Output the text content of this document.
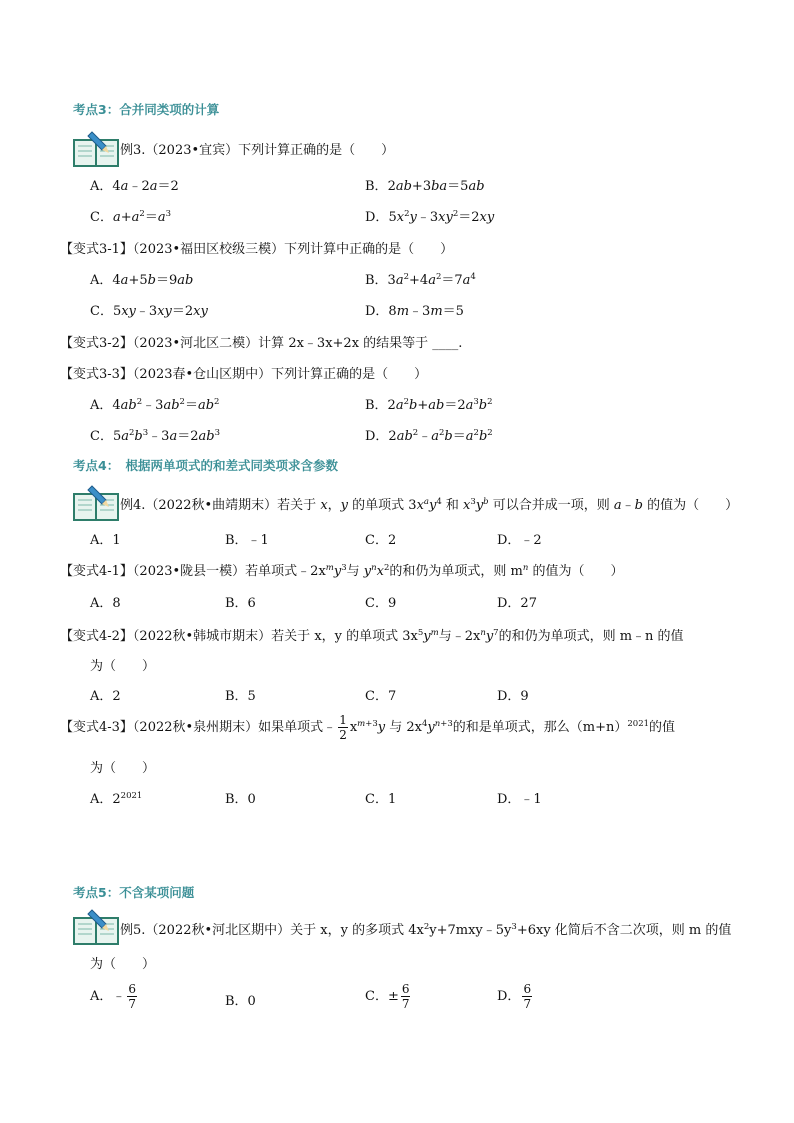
考点3：合并同类项的计算
例3.（2023•宜宾）下列计算正确的是（　　）
A．4a﹣2a＝2	B．2ab+3ba＝5ab
C．$a+a^2=a^3$	D．$5x^2y﹣3xy^2=2xy$
【变式3-1】（2023•福田区校级三模）下列计算中正确的是（　　）
A．4a+5b＝9ab	B．$3a^2+4a^2=7a^4$
C．5xy﹣3xy＝2xy	D．8m﹣3m＝5
【变式3-2】（2023•河北区二模）计算 2x﹣3x+2x 的结果等于 ____.
【变式3-3】（2023春•仓山区期中）下列计算正确的是（　　）
A．$4ab^2﹣3ab^2=ab^2$	B．$2a^2b+ab=2a^3b^2$
C．$5a^2b^3﹣3a=2ab^3$	D．$2ab^2﹣a^2b=a^2b^2$
考点4：　根据两单项式的和差式同类项求含参数
例4.（2022秋•曲靖期末）若关于 x，y 的单项式 $3x^ay^4$ 和 $x^3y^b$ 可以合并成一项，则 a﹣b 的值为（　　）
A．1	B．﹣1	C．2	D．﹣2
【变式4-1】（2023•陇县一模）若单项式$﹣2x^my^3$与 $y^nx^2$的和仍为单项式，则 $m^n$ 的值为（　　）
A．8	B．6	C．9	D．27
【变式4-2】（2022秋•韩城市期末）若关于 x，y 的单项式 $3x^5y^m$与$﹣2x^ny^7$的和仍为单项式，则 m﹣n 的值
为（　　）
A．2	B．5	C．7	D．9
【变式4-3】（2022秋•泉州期末）如果单项式﹣ $\frac{1}{2} x^{m+3}y$ 与 $2x^4y^{n+3}$的和是单项式，那么$(m+n)^{2021}$的值
为（　　）
A．$2^{2021}$	B．0	C．1	D．﹣1
考点5：不含某项问题
例5.（2022秋•河北区期中）关于 x，y 的多项式 $4x^2y+7mxy﹣5y^3+6xy$ 化简后不含二次项，则 m 的值
为（　　）
A．﹣ $\frac{6}{7}$	B．0	C．± $\frac{6}{7}$	D． $\frac{6}{7}$
